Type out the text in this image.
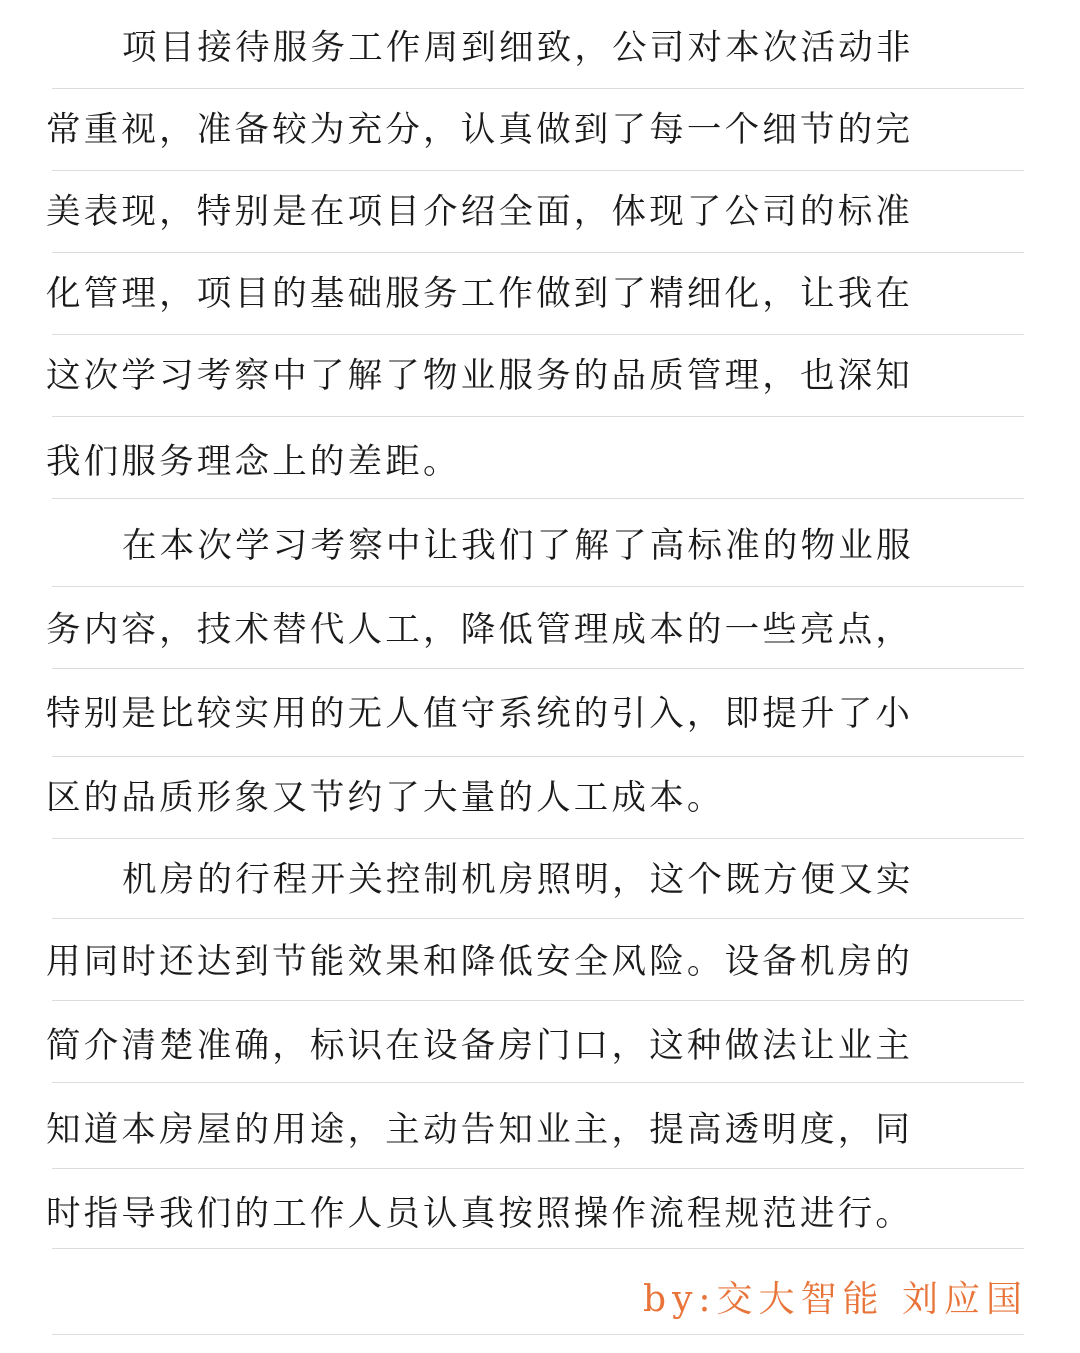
项目接待服务工作周到细致，公司对本次活动非
常重视，准备较为充分，认真做到了每一个细节的完
美表现，特别是在项目介绍全面，体现了公司的标准
化管理，项目的基础服务工作做到了精细化，让我在
这次学习考察中了解了物业服务的品质管理，也深知
我们服务理念上的差距。
在本次学习考察中让我们了解了高标准的物业服
务内容，技术替代人工，降低管理成本的一些亮点，
特别是比较实用的无人值守系统的引入，即提升了小
区的品质形象又节约了大量的人工成本。
机房的行程开关控制机房照明，这个既方便又实
用同时还达到节能效果和降低安全风险。设备机房的
简介清楚准确，标识在设备房门口，这种做法让业主
知道本房屋的用途，主动告知业主，提高透明度，同
时指导我们的工作人员认真按照操作流程规范进行。
by:交大智能 刘应国
